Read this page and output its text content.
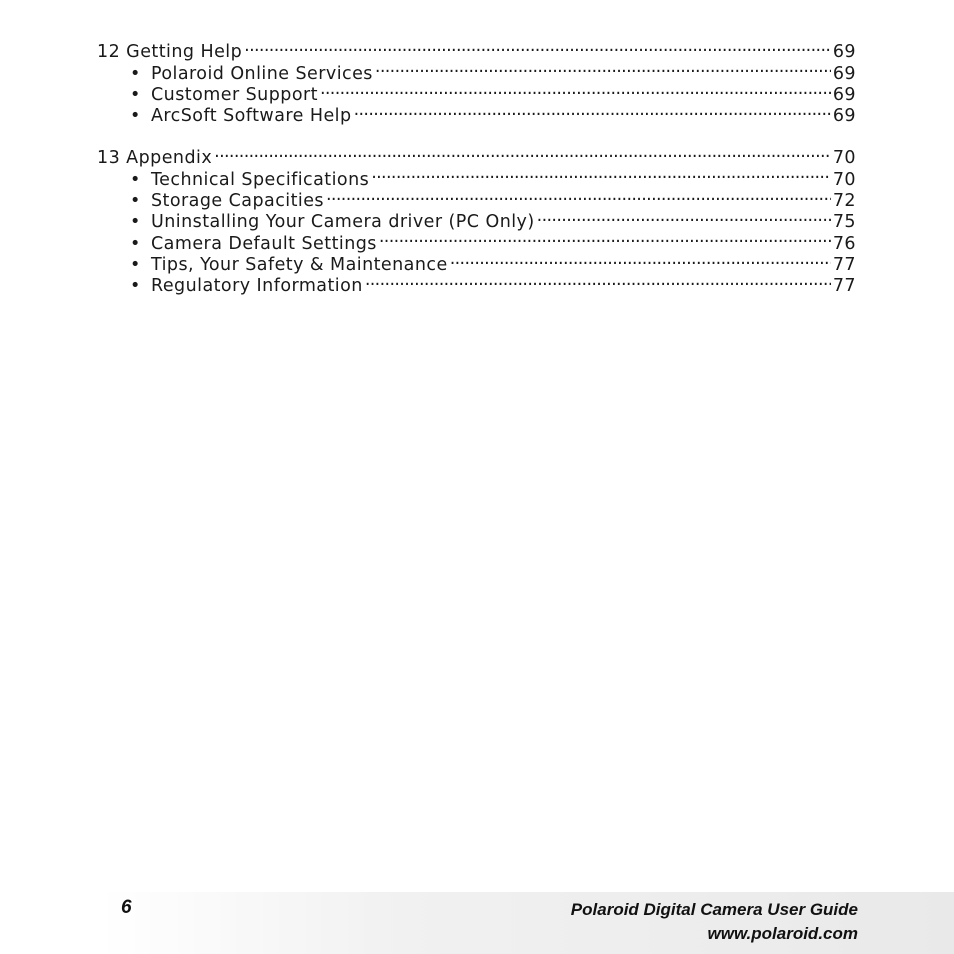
12 Getting Help . . .	69
• Polaroid Online Services . . .	69
• Customer Support . . .	69
• ArcSoft Software Help . . .	69
13 Appendix . . .	70
• Technical Specifications . . .	70
• Storage Capacities . . .	72
• Uninstalling Your Camera driver (PC Only) . . .	75
• Camera Default Settings . . .	76
• Tips, Your Safety & Maintenance . . .	77
• Regulatory Information . . .	77
6	Polaroid Digital Camera User Guide
www.polaroid.com
